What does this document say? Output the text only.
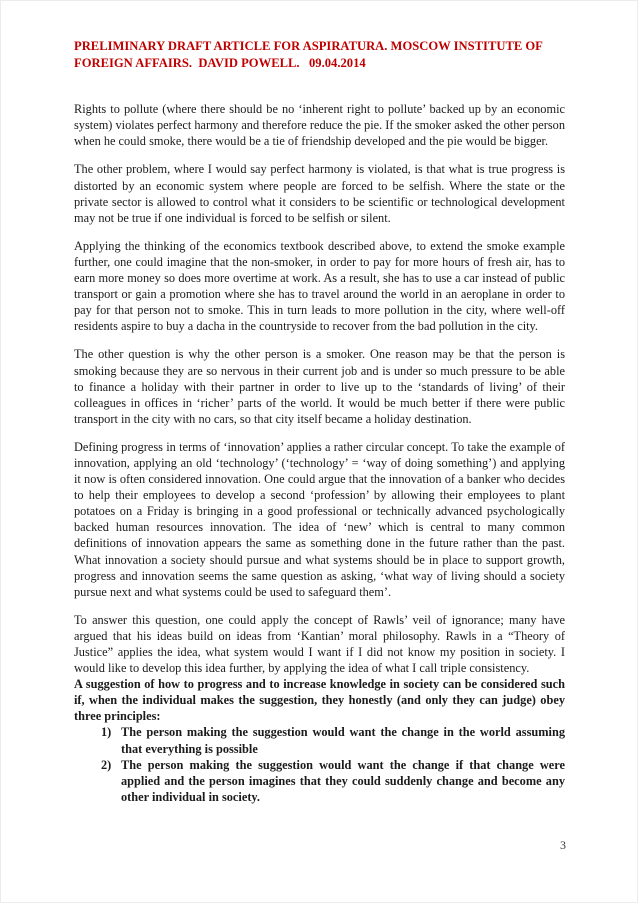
PRELIMINARY DRAFT ARTICLE FOR ASPIRATURA. MOSCOW INSTITUTE OF FOREIGN AFFAIRS.  DAVID POWELL.   09.04.2014

Rights to pollute (where there should be no ‘inherent right to pollute’ backed up by an economic system) violates perfect harmony and therefore reduce the pie. If the smoker asked the other person when he could smoke, there would be a tie of friendship developed and the pie would be bigger.

The other problem, where I would say perfect harmony is violated, is that what is true progress is distorted by an economic system where people are forced to be selfish. Where the state or the private sector is allowed to control what it considers to be scientific or technological development may not be true if one individual is forced to be selfish or silent.

Applying the thinking of the economics textbook described above, to extend the smoke example further, one could imagine that the non-smoker, in order to pay for more hours of fresh air, has to earn more money so does more overtime at work. As a result, she has to use a car instead of public transport or gain a promotion where she has to travel around the world in an aeroplane in order to pay for that person not to smoke. This in turn leads to more pollution in the city, where well-off residents aspire to buy a dacha in the countryside to recover from the bad pollution in the city.

The other question is why the other person is a smoker. One reason may be that the person is smoking because they are so nervous in their current job and is under so much pressure to be able to finance a holiday with their partner in order to live up to the ‘standards of living’ of their colleagues in offices in ‘richer’ parts of the world. It would be much better if there were public transport in the city with no cars, so that city itself became a holiday destination.

Defining progress in terms of ‘innovation’ applies a rather circular concept. To take the example of innovation, applying an old ‘technology’ (‘technology’ = ‘way of doing something’) and applying it now is often considered innovation. One could argue that the innovation of a banker who decides to help their employees to develop a second ‘profession’ by allowing their employees to plant potatoes on a Friday is bringing in a good professional or technically advanced psychologically backed human resources innovation. The idea of ‘new’ which is central to many common definitions of innovation appears the same as something done in the future rather than the past. What innovation a society should pursue and what systems should be in place to support growth, progress and innovation seems the same question as asking, ‘what way of living should a society pursue next and what systems could be used to safeguard them’.

To answer this question, one could apply the concept of Rawls’ veil of ignorance; many have argued that his ideas build on ideas from ‘Kantian’ moral philosophy. Rawls in a “Theory of Justice” applies the idea, what system would I want if I did not know my position in society. I would like to develop this idea further, by applying the idea of what I call triple consistency.

A suggestion of how to progress and to increase knowledge in society can be considered such if, when the individual makes the suggestion, they honestly (and only they can judge) obey three principles:

1) The person making the suggestion would want the change in the world assuming that everything is possible
2) The person making the suggestion would want the change if that change were applied and the person imagines that they could suddenly change and become any other individual in society.
3
